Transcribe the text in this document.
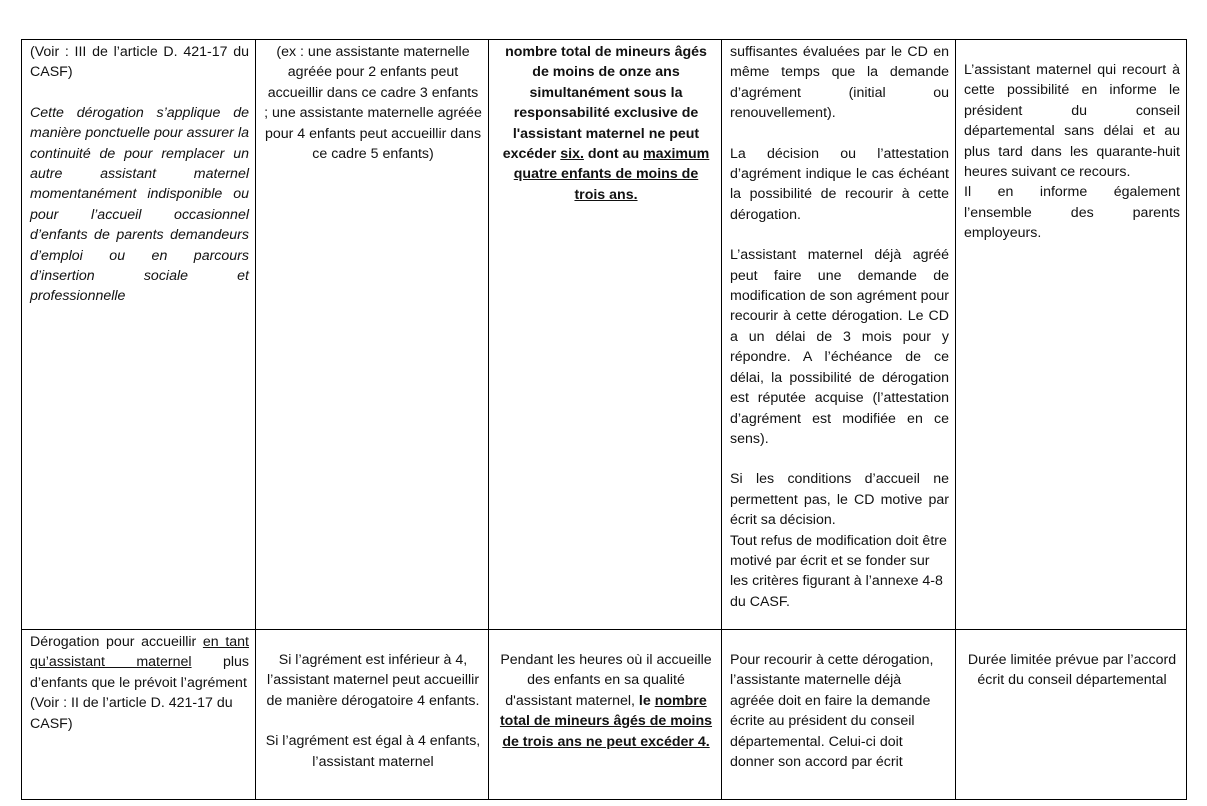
(Voir : III de l’article D. 421-17 du CASF)

Cette dérogation s’applique de manière ponctuelle pour assurer la continuité de pour remplacer un autre assistant maternel momentanément indisponible ou pour l’accueil occasionnel d’enfants de parents demandeurs d’emploi ou en parcours d’insertion sociale et professionnelle

(ex : une assistante maternelle agréée pour 2 enfants peut accueillir dans ce cadre 3 enfants ; une assistante maternelle agréée pour 4 enfants peut accueillir dans ce cadre 5 enfants)

nombre total de mineurs âgés de moins de onze ans simultanément sous la responsabilité exclusive de l'assistant maternel ne peut excéder six. dont au maximum quatre enfants de moins de trois ans.

suffisantes évaluées par le CD en même temps que la demande d’agrément (initial ou renouvellement).

La décision ou l’attestation d’agrément indique le cas échéant la possibilité de recourir à cette dérogation.

L’assistant maternel déjà agréé peut faire une demande de modification de son agrément pour recourir à cette dérogation. Le CD a un délai de 3 mois pour y répondre. A l’échéance de ce délai, la possibilité de dérogation est réputée acquise (l’attestation d’agrément est modifiée en ce sens).

Si les conditions d’accueil ne permettent pas, le CD motive par écrit sa décision.

Tout refus de modification doit être motivé par écrit et se fonder sur les critères figurant à l’annexe 4-8 du CASF.

L’assistant maternel qui recourt à cette possibilité en informe le président du conseil départemental sans délai et au plus tard dans les quarante-huit heures suivant ce recours.

Il en informe également l’ensemble des parents employeurs.

Dérogation pour accueillir en tant qu’assistant maternel plus d’enfants que le prévoit l’agrément

(Voir : II de l’article D. 421-17 du CASF)

Si l’agrément est inférieur à 4, l’assistant maternel peut accueillir de manière dérogatoire 4 enfants.

Si l’agrément est égal à 4 enfants, l’assistant maternel

Pendant les heures où il accueille des enfants en sa qualité d'assistant maternel, le nombre total de mineurs âgés de moins de trois ans ne peut excéder 4.

Pour recourir à cette dérogation, l’assistante maternelle déjà agréée doit en faire la demande écrite au président du conseil départemental. Celui-ci doit donner son accord par écrit

Durée limitée prévue par l’accord écrit du conseil départemental
